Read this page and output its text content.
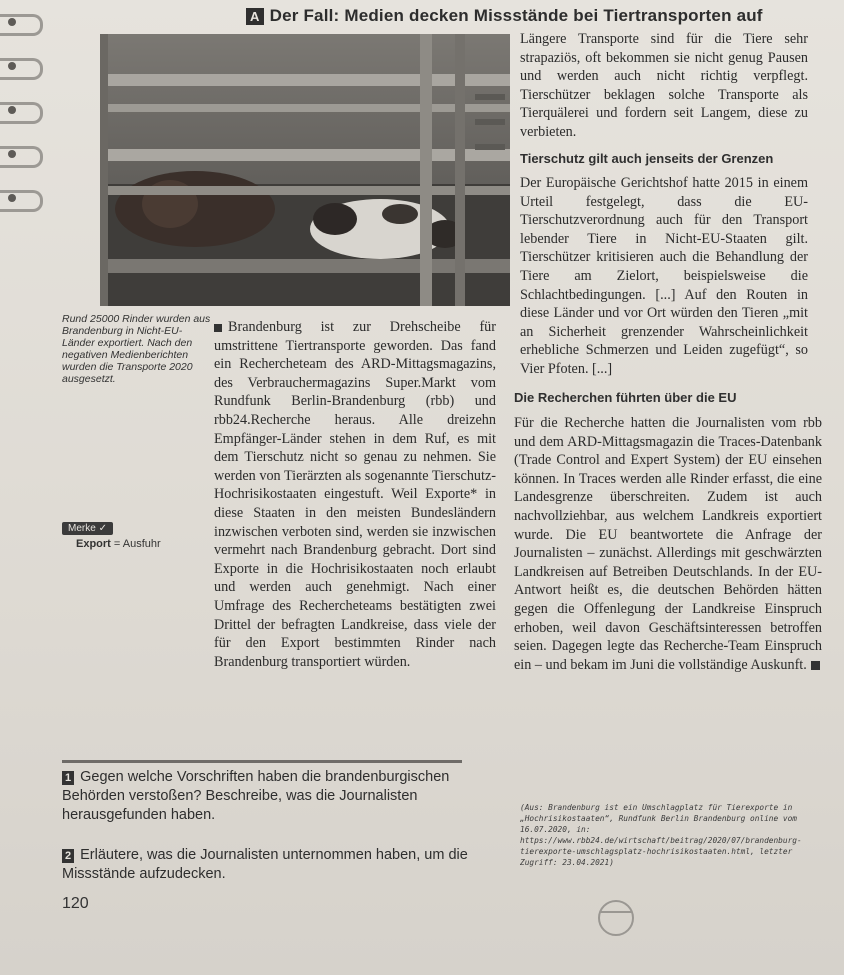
A Der Fall: Medien decken Missstände bei Tiertransporten auf
Rund 25000 Rinder wurden aus Brandenburg in Nicht-EU-Länder exportiert. Nach den negativen Medienberichten wurden die Transporte 2020 ausgesetzt.
Merke ✓
Export = Ausfuhr

Brandenburg ist zur Drehscheibe für umstrittene Tiertransporte geworden. Das fand ein Rechercheteam des ARD-Mittagsmagazins, des Verbrauchermagazins Super.Markt vom Rundfunk Berlin-Brandenburg (rbb) und rbb24.Recherche heraus. Alle dreizehn Empfänger-Länder stehen in dem Ruf, es mit dem Tierschutz nicht so genau zu nehmen. Sie werden von Tierärzten als sogenannte Tierschutz-Hochrisikostaaten eingestuft. Weil Exporte* in diese Staaten in den meisten Bundesländern inzwischen verboten sind, werden sie inzwischen vermehrt nach Brandenburg gebracht. Dort sind Exporte in die Hochrisikostaaten noch erlaubt und werden auch genehmigt. Nach einer Umfrage des Rechercheteams bestätigten zwei Drittel der befragten Landkreise, dass viele der für den Export bestimmten Rinder nach Brandenburg transportiert würden.

Längere Transporte sind für die Tiere sehr strapaziös, oft bekommen sie nicht genug Pausen und werden auch nicht richtig verpflegt. Tierschützer beklagen solche Transporte als Tierquälerei und fordern seit Langem, diese zu verbieten.
Tierschutz gilt auch jenseits der Grenzen
Der Europäische Gerichtshof hatte 2015 in einem Urteil festgelegt, dass die EU-Tierschutzverordnung auch für den Transport lebender Tiere in Nicht-EU-Staaten gilt. Tierschützer kritisieren auch die Behandlung der Tiere am Zielort, beispielsweise die Schlachtbedingungen. [...] Auf den Routen in diese Länder und vor Ort würden den Tieren „mit an Sicherheit grenzender Wahrscheinlichkeit erhebliche Schmerzen und Leiden zugefügt“, so Vier Pfoten. [...]
Die Recherchen führten über die EU

Für die Recherche hatten die Journalisten vom rbb und dem ARD-Mittagsmagazin die Traces-Datenbank (Trade Control and Expert System) der EU einsehen können. In Traces werden alle Rinder erfasst, die eine Landesgrenze überschreiten. Zudem ist auch nachvollziehbar, aus welchem Landkreis exportiert wurde. Die EU beantwortete die Anfrage der Journalisten – zunächst. Allerdings mit geschwärzten Landkreisen auf Betreiben Deutschlands. In der EU-Antwort heißt es, die deutschen Behörden hätten gegen die Offenlegung der Landkreise Einspruch erhoben, weil davon Geschäftsinteressen betroffen seien. Dagegen legte das Recherche-Team Einspruch ein – und bekam im Juni die vollständige Auskunft.

(Aus: Brandenburg ist ein Umschlagplatz für Tierexporte in „Hochrisikostaaten“, Rundfunk Berlin Brandenburg online vom 16.07.2020, in: https://www.rbb24.de/wirtschaft/beitrag/2020/07/brandenburg-tierexporte-umschlagsplatz-hochrisikostaaten.html, letzter Zugriff: 23.04.2021)
1 Gegen welche Vorschriften haben die brandenburgischen Behörden verstoßen? Beschreibe, was die Journalisten herausgefunden haben.
2 Erläutere, was die Journalisten unternommen haben, um die Missstände aufzudecken.
120
